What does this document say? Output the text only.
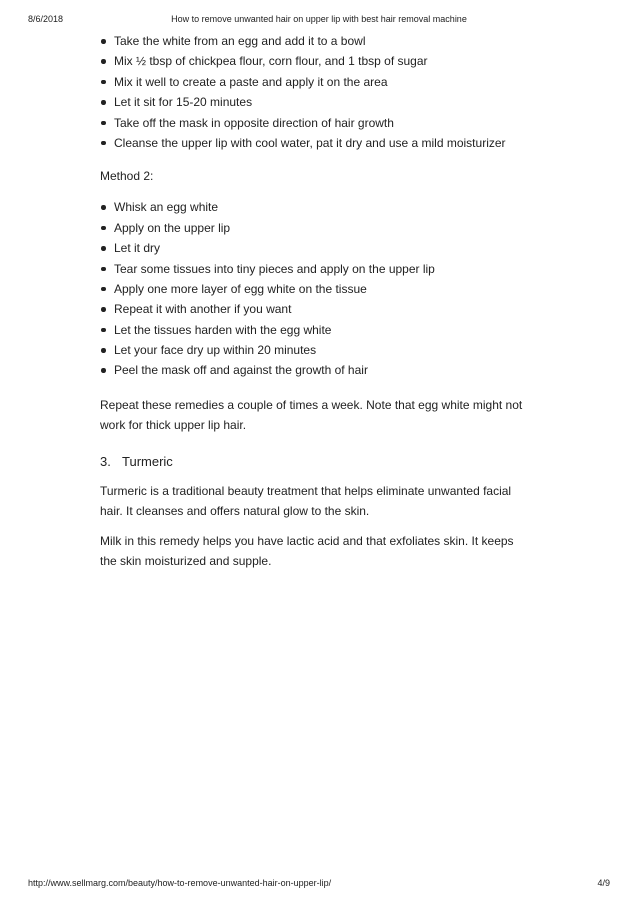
8/6/2018	How to remove unwanted hair on upper lip with best hair removal machine
Take the white from an egg and add it to a bowl
Mix ½ tbsp of chickpea flour, corn flour, and 1 tbsp of sugar
Mix it well to create a paste and apply it on the area
Let it sit for 15-20 minutes
Take off the mask in opposite direction of hair growth
Cleanse the upper lip with cool water, pat it dry and use a mild moisturizer
Method 2:
Whisk an egg white
Apply on the upper lip
Let it dry
Tear some tissues into tiny pieces and apply on the upper lip
Apply one more layer of egg white on the tissue
Repeat it with another if you want
Let the tissues harden with the egg white
Let your face dry up within 20 minutes
Peel the mask off and against the growth of hair

Repeat these remedies a couple of times a week. Note that egg white might not work for thick upper lip hair.

3. Turmeric

Turmeric is a traditional beauty treatment that helps eliminate unwanted facial hair. It cleanses and offers natural glow to the skin.

Milk in this remedy helps you have lactic acid and that exfoliates skin. It keeps the skin moisturized and supple.

http://www.sellmarg.com/beauty/how-to-remove-unwanted-hair-on-upper-lip/	4/9
